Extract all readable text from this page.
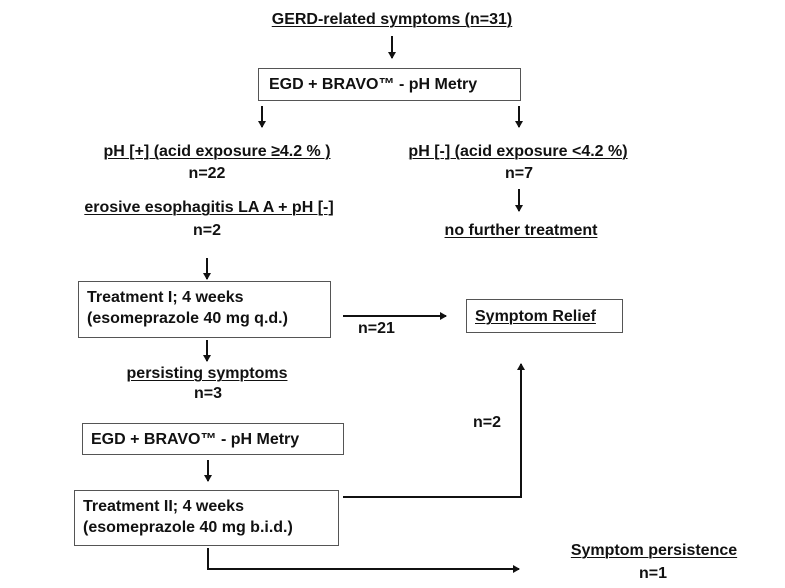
GERD-related symptoms (n=31)
EGD + BRAVO™ - pH Metry
pH [+] (acid exposure ≥4.2 % )
n=22
pH [-] (acid exposure <4.2 %)
n=7
erosive esophagitis LA A + pH [-]
n=2	no further treatment
Treatment I; 4 weeks
(esomeprazole 40 mg q.d.)
n=21
Symptom Relief
persisting symptoms
n=3
n=2
EGD + BRAVO™ - pH Metry
Treatment II; 4 weeks
(esomeprazole 40 mg b.i.d.)
Symptom persistence
n=1
